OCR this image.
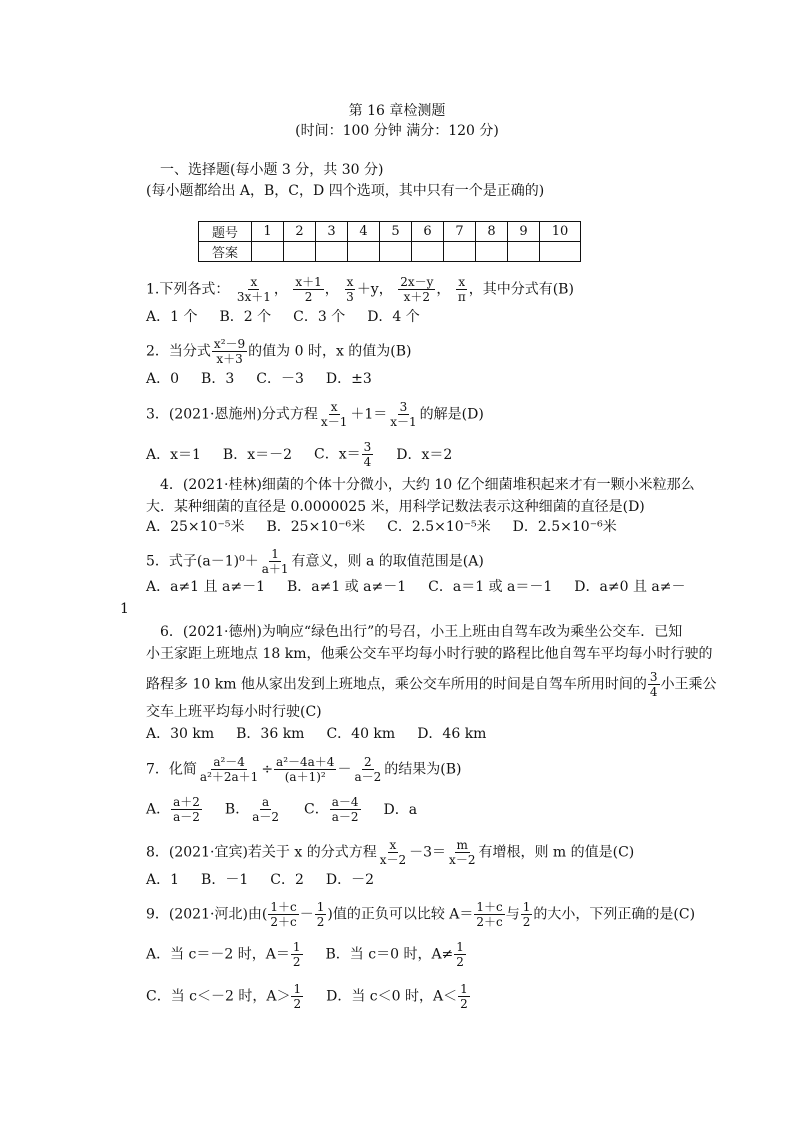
第 16 章检测题
(时间：100 分钟 满分：120 分)
一、选择题(每小题 3 分，共 30 分)
(每小题都给出 A，B，C，D 四个选项，其中只有一个是正确的)
题号	1	2	3	4	5	6	7	8	9	10
答案										
1.下列各式： $\frac{x}{3x+1}$ ， $\frac{x+1}{2}$ ， $\frac{x}{3} +y$， $\frac{2x-y}{x+2}$ ， $\frac{x}{\pi}$ ，其中分式有(B)
A．1 个 B．2 个 C．3 个 D．4 个
2．当分式 $\frac{\text{x²－9}}{x+3}$ 的值为 0 时，x 的值为(B)
A．0 B．3 C．－3 D．±3
3．(2021·恩施州)分式方程 $\frac{x}{x-1} +1= \frac{3}{x-1}$ 的解是(D)
A．x＝1 B．x＝－2 C．$x= \frac{3}{4}$ D．x＝2
4．(2021·桂林)细菌的个体十分微小，大约 10 亿个细菌堆积起来才有一颗小米粒那么
大．某种细菌的直径是 0.0000025 米，用科学记数法表示这种细菌的直径是(D)
A．25×10⁻⁵米 B．25×10⁻⁶米 C．2.5×10⁻⁵米 D．2.5×10⁻⁶米
5．式子$(a-1)^0+ \frac{1}{a+1}$ 有意义，则 a 的取值范围是(A)
A．a≠1 且 a≠－1 B．a≠1 或 a≠－1 C．a＝1 或 a＝－1 D．a≠0 且 a≠－
1
6．(2021·德州)为响应“绿色出行”的号召，小王上班由自驾车改为乘坐公交车．已知
小王家距上班地点 18 km，他乘公交车平均每小时行驶的路程比他自驾车平均每小时行驶的
路程多 10 km 他从家出发到上班地点，乘公交车所用的时间是自驾车所用时间的 $\frac{3}{4}$ 小王乘公
交车上班平均每小时行驶(C)
A．30 km B．36 km C．40 km D．46 km
7．化简 $\frac{\text{a²－4}}{\text{a²＋2a＋1}} \div \frac{\text{a²－4a＋4}}{\text{(a＋1)²}} - \frac{2}{a-2}$ 的结果为(B)
A． $\frac{a+2}{a-2}$ B． $\frac{a}{a-2}$ C． $\frac{a-4}{a-2}$ D．a
8．(2021·宜宾)若关于 x 的分式方程 $\frac{x}{x-2} -3= \frac{m}{x-2}$ 有增根，则 m 的值是(C)
A．1 B．－1 C．2 D．－2
9．(2021·河北)由( $\frac{1+c}{2+c} - \frac{1}{2}$ )值的正负可以比较 $A= \frac{1+c}{2+c}$ 与 $\frac{1}{2}$ 的大小，下列正确的是(C)
A．当 c＝－2 时，$A= \frac{1}{2}$ B．当 c＝0 时，$A\ne \frac{1}{2}$
C．当 c＜－2 时，$A> \frac{1}{2}$ D．当 c＜0 时，$A< \frac{1}{2}$
